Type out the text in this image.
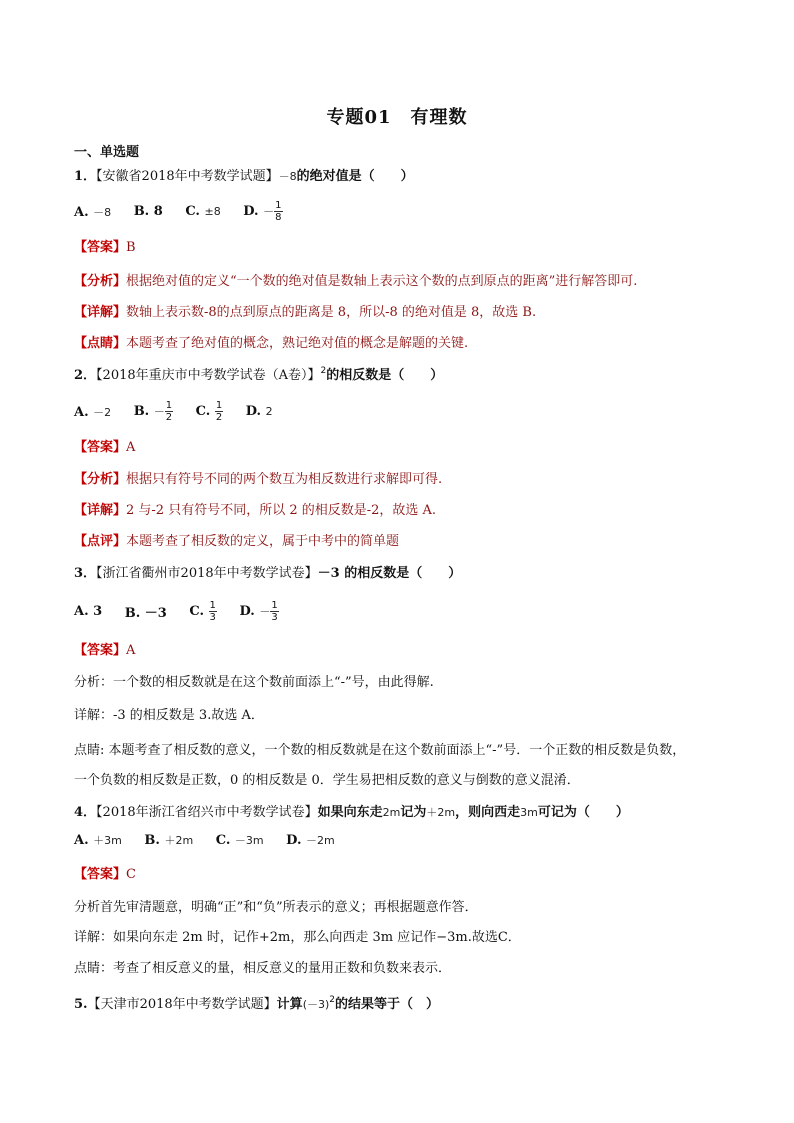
专题01　有理数
一、单选题
1．【安徽省2018年中考数学试题】－8的绝对值是（　　）
A. －8 B. 8 C. ±8 D. － $\frac{1}{8}$
【答案】B
【分析】根据绝对值的定义“一个数的绝对值是数轴上表示这个数的点到原点的距离”进行解答即可.
【详解】数轴上表示数-8的点到原点的距离是 8，所以-8 的绝对值是 8，故选 B.
【点睛】本题考查了绝对值的概念，熟记绝对值的概念是解题的关键.
2．【2018年重庆市中考数学试卷（A卷）】$^2$的相反数是（　　）
A. －2 B. － $\frac{1}{2} C$. $\frac{1}{2} D$. 2
【答案】A
【分析】根据只有符号不同的两个数互为相反数进行求解即可得.
【详解】2 与-2 只有符号不同，所以 2 的相反数是-2，故选 A.
【点评】本题考查了相反数的定义，属于中考中的简单题
3．【浙江省衢州市2018年中考数学试卷】－3 的相反数是（　　）
A. 3 B. －3 C. $\frac{1}{3} D$. － $\frac{1}{3}$
【答案】A
分析：一个数的相反数就是在这个数前面添上“-”号，由此得解.
详解：-3 的相反数是 3.故选 A．
点睛: 本题考查了相反数的意义，一个数的相反数就是在这个数前面添上“-”号．一个正数的相反数是负数，
一个负数的相反数是正数，0 的相反数是 0．学生易把相反数的意义与倒数的意义混淆．
4．【2018年浙江省绍兴市中考数学试卷】如果向东走2m记为＋2m，则向西走3m可记为（　　）
A. ＋3m B. ＋2m C. －3m D. －2m
【答案】C
分析首先审清题意，明确“正”和“负”所表示的意义；再根据题意作答．
详解：如果向东走 2m 时，记作+2m，那么向西走 3m 应记作−3m.故选C．
点睛：考查了相反意义的量，相反意义的量用正数和负数来表示．
5.【天津市2018年中考数学试题】计算$(-3)^2$的结果等于（　）
